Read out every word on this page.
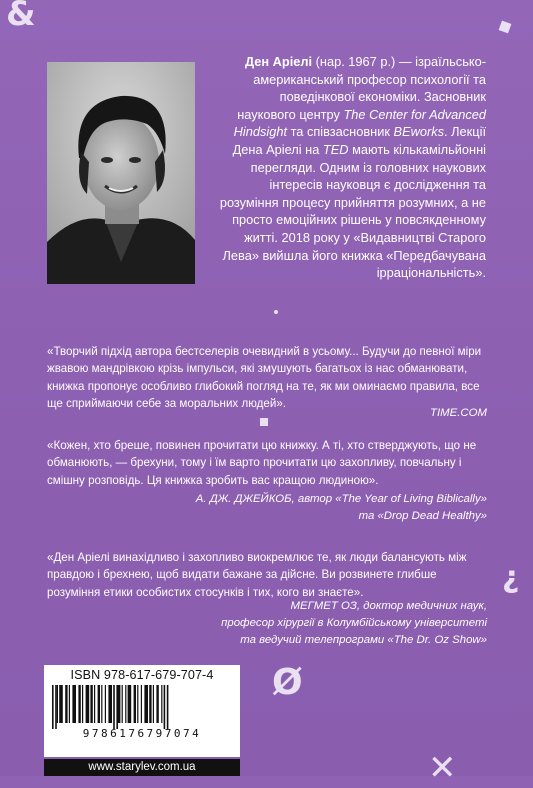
&
¿
Ø
✕
Ден Аріелі (нар. 1967 р.) — ізраїльсько-американський професор психології та поведінкової економіки. Засновник наукового центру The Center for Advanced Hindsight та співзасновник BEworks. Лекції Дена Аріелі на TED мають кількамільйонні перегляди. Одним із головних наукових інтересів науковця є дослідження та розуміння процесу прийняття розумних, а не просто емоційних рішень у повсякденному житті. 2018 року у «Видавництві Старого Лева» вийшла його книжка «Передбачувана ірраціональність».
«Творчий підхід автора бестселерів очевидний в усьому... Будучи до певної міри жвавою мандрівкою крізь імпульси, які змушують багатьох із нас обманювати, книжка пропонує особливо глибокий погляд на те, як ми оминаємо правила, все ще сприймаючи себе за моральних людей».
TIME.COM
«Кожен, хто бреше, повинен прочитати цю книжку. А ті, хто стверджують, що не обманюють, — брехуни, тому і їм варто прочитати цю захопливу, повчальну і смішну розповідь. Ця книжка зробить вас кращою людиною».
А. ДЖ. ДЖЕЙКОБ, автор «The Year of Living Biblically»
та «Drop Dead Healthy»
«Ден Аріелі винахідливо і захопливо виокремлює те, як люди балансують між правдою і брехнею, щоб видати бажане за дійсне. Ви розвинете глибше розуміння етики особистих стосунків і тих, кого ви знаєте».
МЕГМЕТ ОЗ, доктор медичних наук,
професор хірургії в Колумбійському університеті
та ведучий телепрограми «The Dr. Oz Show»
ISBN 978-617-679-707-4
9786176797074
www.starylev.com.ua
